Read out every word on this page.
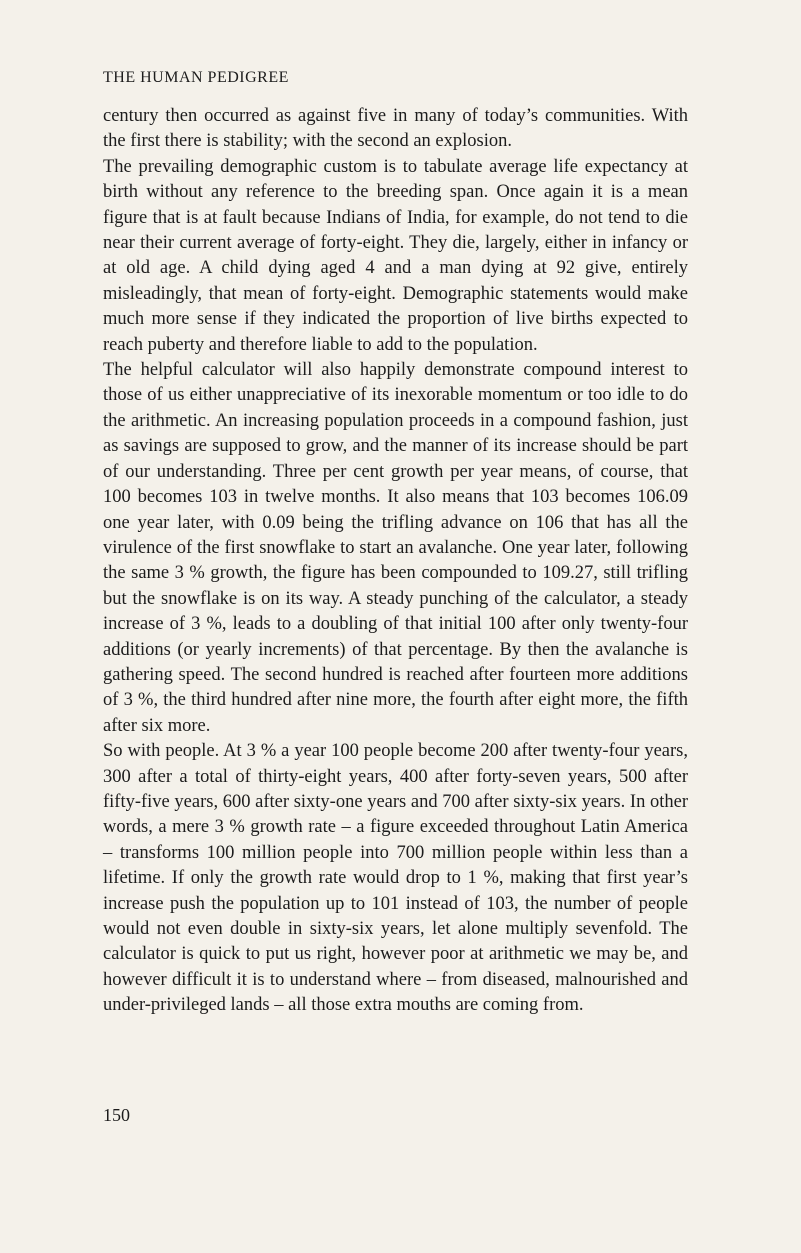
THE HUMAN PEDIGREE

century then occurred as against five in many of today’s communities. With the first there is stability; with the second an explosion.

The prevailing demographic custom is to tabulate average life expectancy at birth without any reference to the breeding span. Once again it is a mean figure that is at fault because Indians of India, for example, do not tend to die near their current average of forty-eight. They die, largely, either in infancy or at old age. A child dying aged 4 and a man dying at 92 give, entirely misleadingly, that mean of forty-eight. Demographic statements would make much more sense if they indicated the proportion of live births expected to reach puberty and therefore liable to add to the population.

The helpful calculator will also happily demonstrate compound interest to those of us either unappreciative of its inexorable momentum or too idle to do the arithmetic. An increasing population proceeds in a compound fashion, just as savings are supposed to grow, and the manner of its increase should be part of our understanding. Three per cent growth per year means, of course, that 100 becomes 103 in twelve months. It also means that 103 becomes 106.09 one year later, with 0.09 being the trifling advance on 106 that has all the virulence of the first snowflake to start an avalanche. One year later, following the same 3 % growth, the figure has been compounded to 109.27, still trifling but the snowflake is on its way. A steady punching of the calculator, a steady increase of 3 %, leads to a doubling of that initial 100 after only twenty-four additions (or yearly increments) of that percentage. By then the avalanche is gathering speed. The second hundred is reached after fourteen more additions of 3 %, the third hundred after nine more, the fourth after eight more, the fifth after six more.

So with people. At 3 % a year 100 people become 200 after twenty-four years, 300 after a total of thirty-eight years, 400 after forty-seven years, 500 after fifty-five years, 600 after sixty-one years and 700 after sixty-six years. In other words, a mere 3 % growth rate – a figure exceeded throughout Latin America – transforms 100 million people into 700 million people within less than a lifetime. If only the growth rate would drop to 1 %, making that first year’s increase push the population up to 101 instead of 103, the number of people would not even double in sixty-six years, let alone multiply sevenfold. The calculator is quick to put us right, however poor at arithmetic we may be, and however difficult it is to understand where – from diseased, malnourished and under-privileged lands – all those extra mouths are coming from.

150
